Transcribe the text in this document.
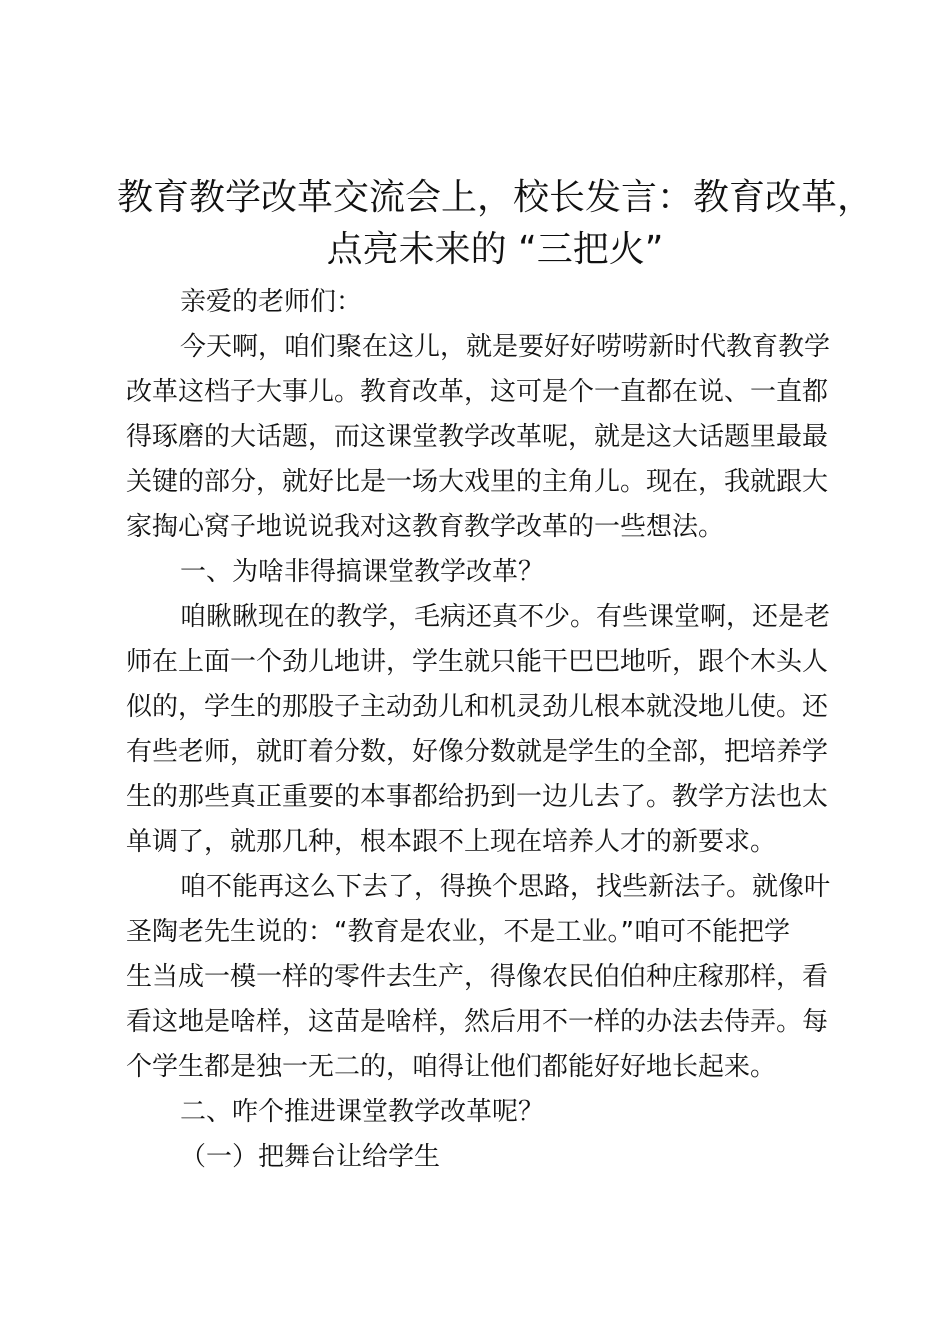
教育教学改革交流会上，校长发言：教育改革，
点亮未来的 “三把火”
亲爱的老师们：
今天啊，咱们聚在这儿，就是要好好唠唠新时代教育教学
改革这档子大事儿。教育改革，这可是个一直都在说、一直都
得琢磨的大话题，而这课堂教学改革呢，就是这大话题里最最
关键的部分，就好比是一场大戏里的主角儿。现在，我就跟大
家掏心窝子地说说我对这教育教学改革的一些想法。
一、为啥非得搞课堂教学改革？
咱瞅瞅现在的教学，毛病还真不少。有些课堂啊，还是老
师在上面一个劲儿地讲，学生就只能干巴巴地听，跟个木头人
似的，学生的那股子主动劲儿和机灵劲儿根本就没地儿使。还
有些老师，就盯着分数，好像分数就是学生的全部，把培养学
生的那些真正重要的本事都给扔到一边儿去了。教学方法也太
单调了，就那几种，根本跟不上现在培养人才的新要求。
咱不能再这么下去了，得换个思路，找些新法子。就像叶
圣陶老先生说的：“教育是农业，不是工业。”咱可不能把学
生当成一模一样的零件去生产，得像农民伯伯种庄稼那样，看
看这地是啥样，这苗是啥样，然后用不一样的办法去侍弄。每
个学生都是独一无二的，咱得让他们都能好好地长起来。
二、咋个推进课堂教学改革呢？
（一）把舞台让给学生
